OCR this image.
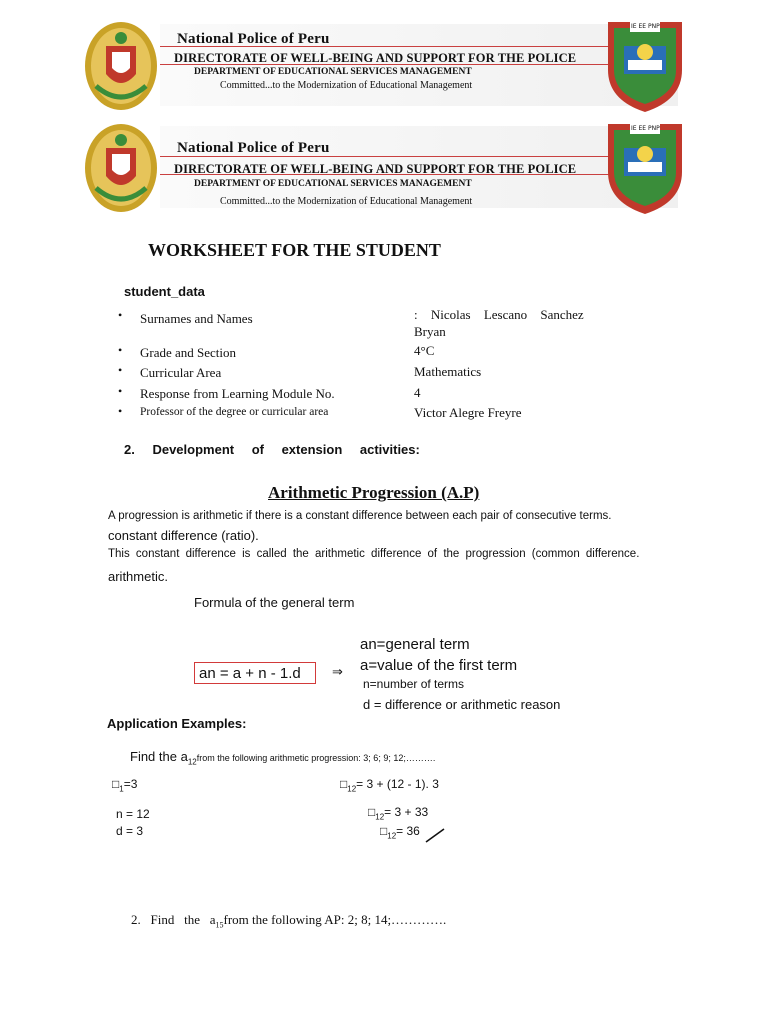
National Police of Peru
DIRECTORATE OF WELL-BEING AND SUPPORT FOR THE POLICE
DEPARTMENT OF EDUCATIONAL SERVICES MANAGEMENT
Committed...to the Modernization of Educational Management
IE EE PNP
National Police of Peru
DIRECTORATE OF WELL-BEING AND SUPPORT FOR THE POLICE
DEPARTMENT OF EDUCATIONAL SERVICES MANAGEMENT
Committed...to the Modernization of Educational Management
IE EE PNP
WORKSHEET FOR THE STUDENT
student_data
• Surnames and Names	: Nicolas Lescano Sanchez
Bryan
• Grade and Section	4°C
• Curricular Area	Mathematics
• Response from Learning Module No.	4
• Professor of the degree or curricular area	Victor Alegre Freyre
2. Development of extension activities:
Arithmetic Progression (A.P)
A progression is arithmetic if there is a constant difference between each pair of consecutive terms.
constant difference (ratio).
This constant difference is called the arithmetic difference of the progression (common difference.
arithmetic.
Formula of the general term
an = a + n - 1.d ⇒
an=general term
a=value of the first term
n=number of terms
d = difference or arithmetic reason
Application Examples:
Find the $a_{12}from$ the following arithmetic progression: 3; 6; 9; 12;……….
$□_1=3$
n = 12
d = 3
$□_{12}= 3 + (12 - 1)$. 3
$□_{12}= 3 + 33$
$□_{12}= 36$
2.   Find   the   $a_{15}from$ the following AP: 2; 8; 14;………….
